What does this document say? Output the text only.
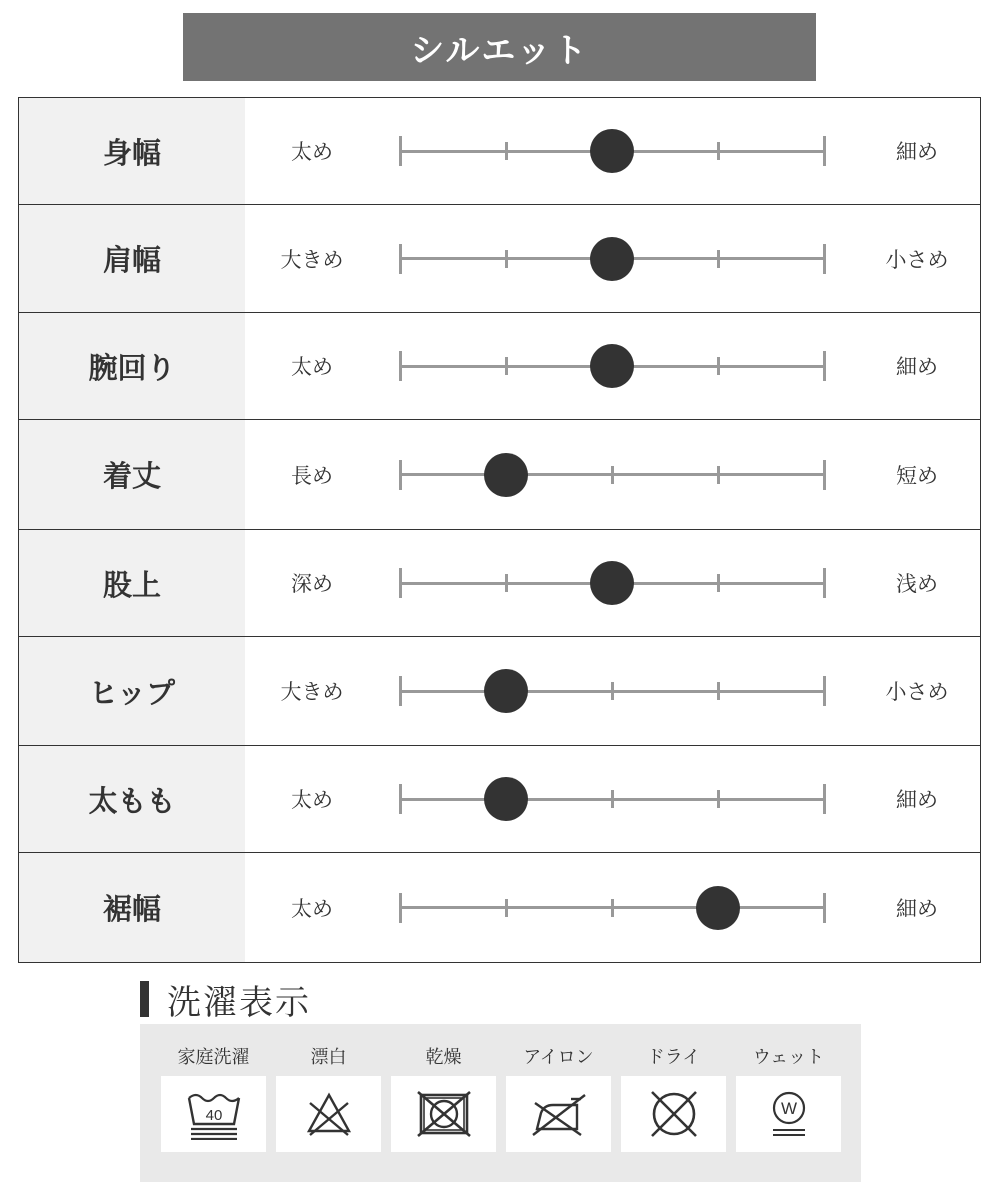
シルエット
身幅	太め	細め
肩幅	大きめ	小さめ
腕回り	太め	細め
着丈	長め	短め
股上	深め	浅め
ヒップ	大きめ	小さめ
太もも	太め	細め
裾幅	太め	細め
洗濯表示
家庭洗濯
40
漂白	乾燥	アイロン	ドライ	ウェット
W
